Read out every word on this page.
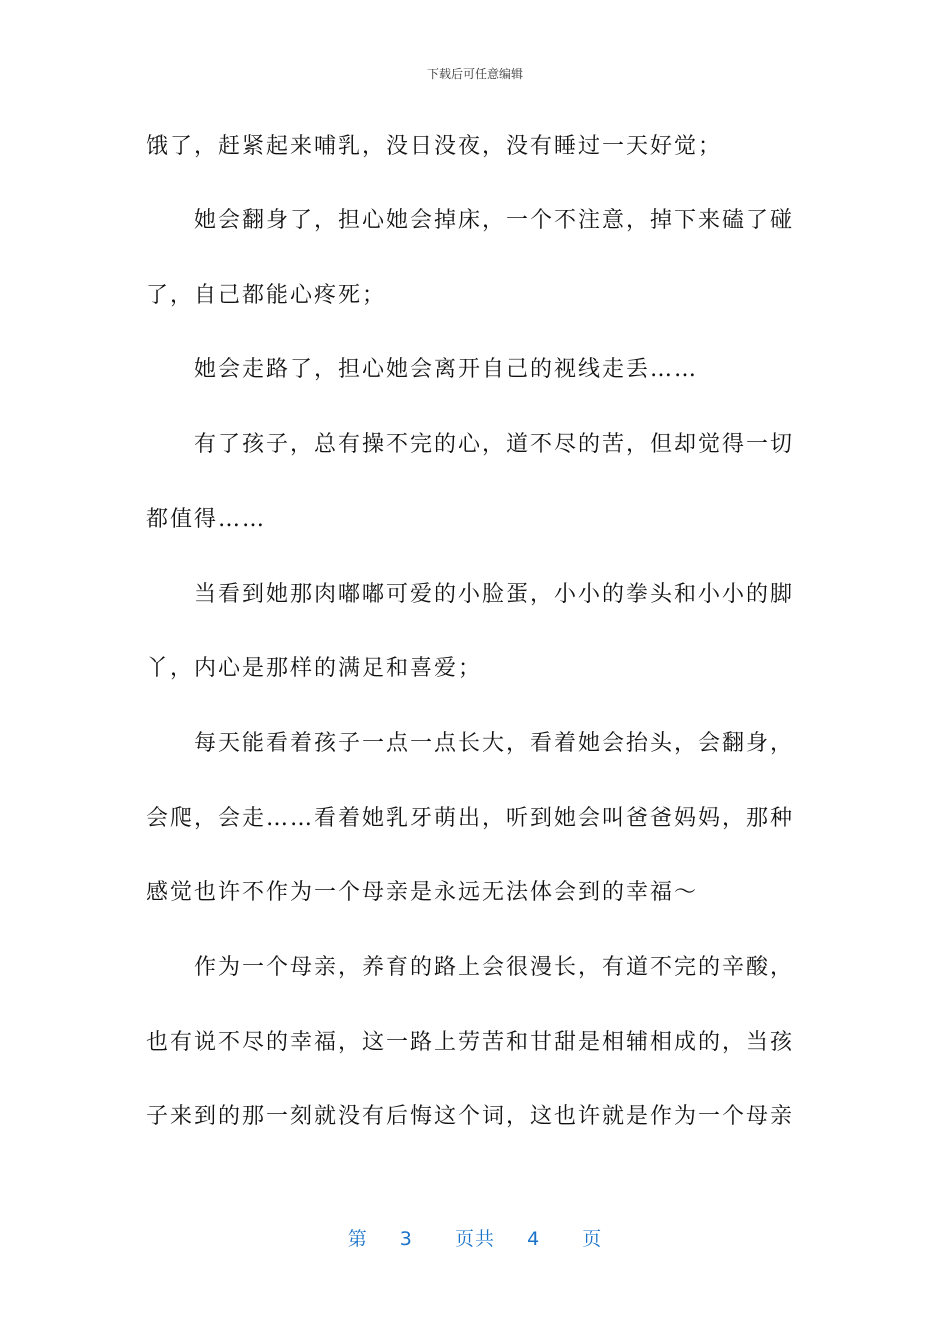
下载后可任意编辑
饿了，赶紧起来哺乳，没日没夜，没有睡过一天好觉；
她会翻身了，担心她会掉床，一个不注意，掉下来磕了碰
了，自己都能心疼死；
她会走路了，担心她会离开自己的视线走丢……
有了孩子，总有操不完的心，道不尽的苦，但却觉得一切
都值得……
当看到她那肉嘟嘟可爱的小脸蛋，小小的拳头和小小的脚
丫，内心是那样的满足和喜爱；
每天能看着孩子一点一点长大，看着她会抬头，会翻身，
会爬，会走……看着她乳牙萌出，听到她会叫爸爸妈妈，那种
感觉也许不作为一个母亲是永远无法体会到的幸福～
作为一个母亲，养育的路上会很漫长，有道不完的辛酸，
也有说不尽的幸福，这一路上劳苦和甘甜是相辅相成的，当孩
子来到的那一刻就没有后悔这个词，这也许就是作为一个母亲
第 3 页共 4 页
